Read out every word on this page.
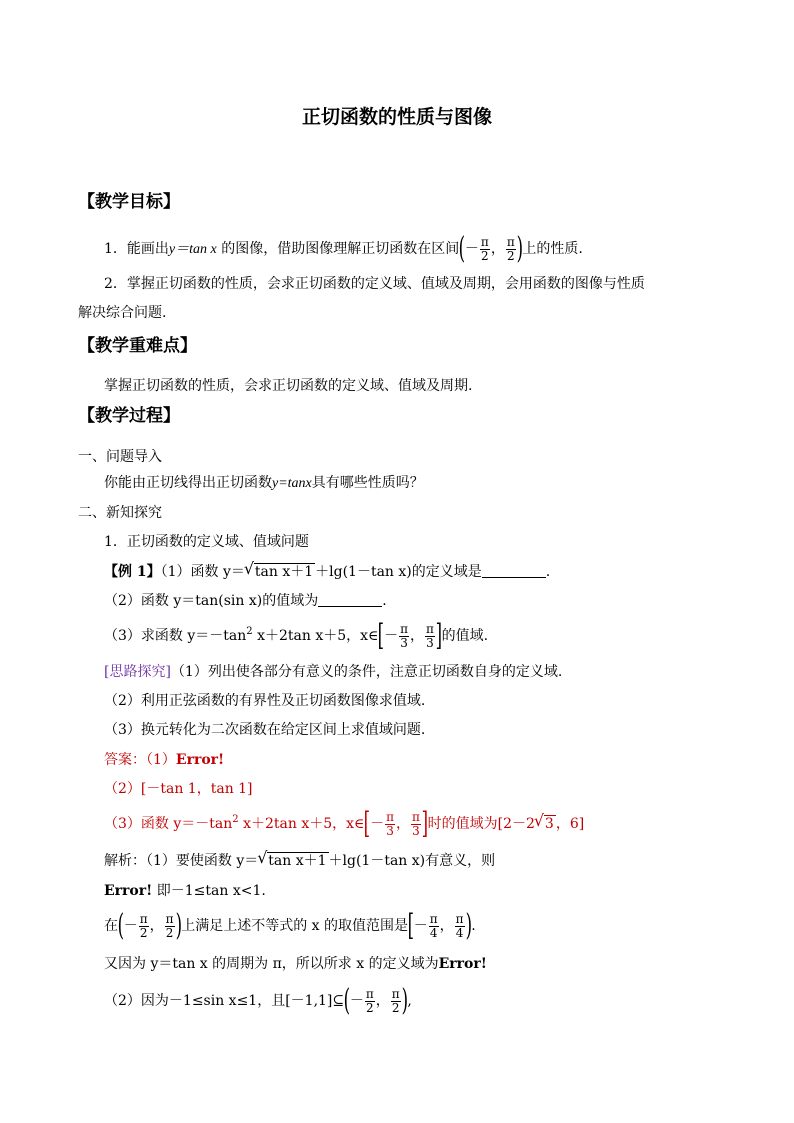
正切函数的性质与图像
【教学目标】
1．能画出y＝tan x 的图像，借助图像理解正切函数在区间(－ $\frac{\pi}{2}$ ， $\frac{\pi}{2}$ )上的性质.
2．掌握正切函数的性质，会求正切函数的定义域、值域及周期，会用函数的图像与性质
解决综合问题.
【教学重难点】
掌握正切函数的性质，会求正切函数的定义域、值域及周期.
【教学过程】
一、问题导入
你能由正切线得出正切函数y=tanx具有哪些性质吗？
二、新知探究
1．正切函数的定义域、值域问题
【例 1】（1）函数 y＝ √ tan x＋1 ＋lg(1－tan x)的定义域是	.
（2）函数 y＝tan(sin x)的值域为	.
（3）求函数 $y=-\tan^2$ x＋2tan x＋5，x∈[－ $\frac{\pi}{3}$ ， $\frac{\pi}{3}$ ]的值域.
[思路探究]（1）列出使各部分有意义的条件，注意正切函数自身的定义域.
（2）利用正弦函数的有界性及正切函数图像求值域.
（3）换元转化为二次函数在给定区间上求值域问题.
答案：（1）Error!
（2）[－tan 1，tan 1]
（3）函数 $y=-\tan^2$ x＋2tan x＋5，x∈[－ $\frac{\pi}{3}$ ， $\frac{\pi}{3}$ ]时的值域为[2－2 √ 3 ，6]
解析：（1）要使函数 y＝ √ tan x＋1 ＋lg(1－tan x)有意义，则
Error! 即－1≤tan x<1.
在(－ $\frac{\pi}{2}$ ， $\frac{\pi}{2}$ )上满足上述不等式的 x 的取值范围是[－ $\frac{\pi}{4}$ ， $\frac{\pi}{4}$ ).
又因为 y＝tan x 的周期为 π，所以所求 x 的定义域为Error!
（2）因为－1≤sin x≤1，且[－1,1]⊆(－ $\frac{\pi}{2}$ ， $\frac{\pi}{2}$ ),
